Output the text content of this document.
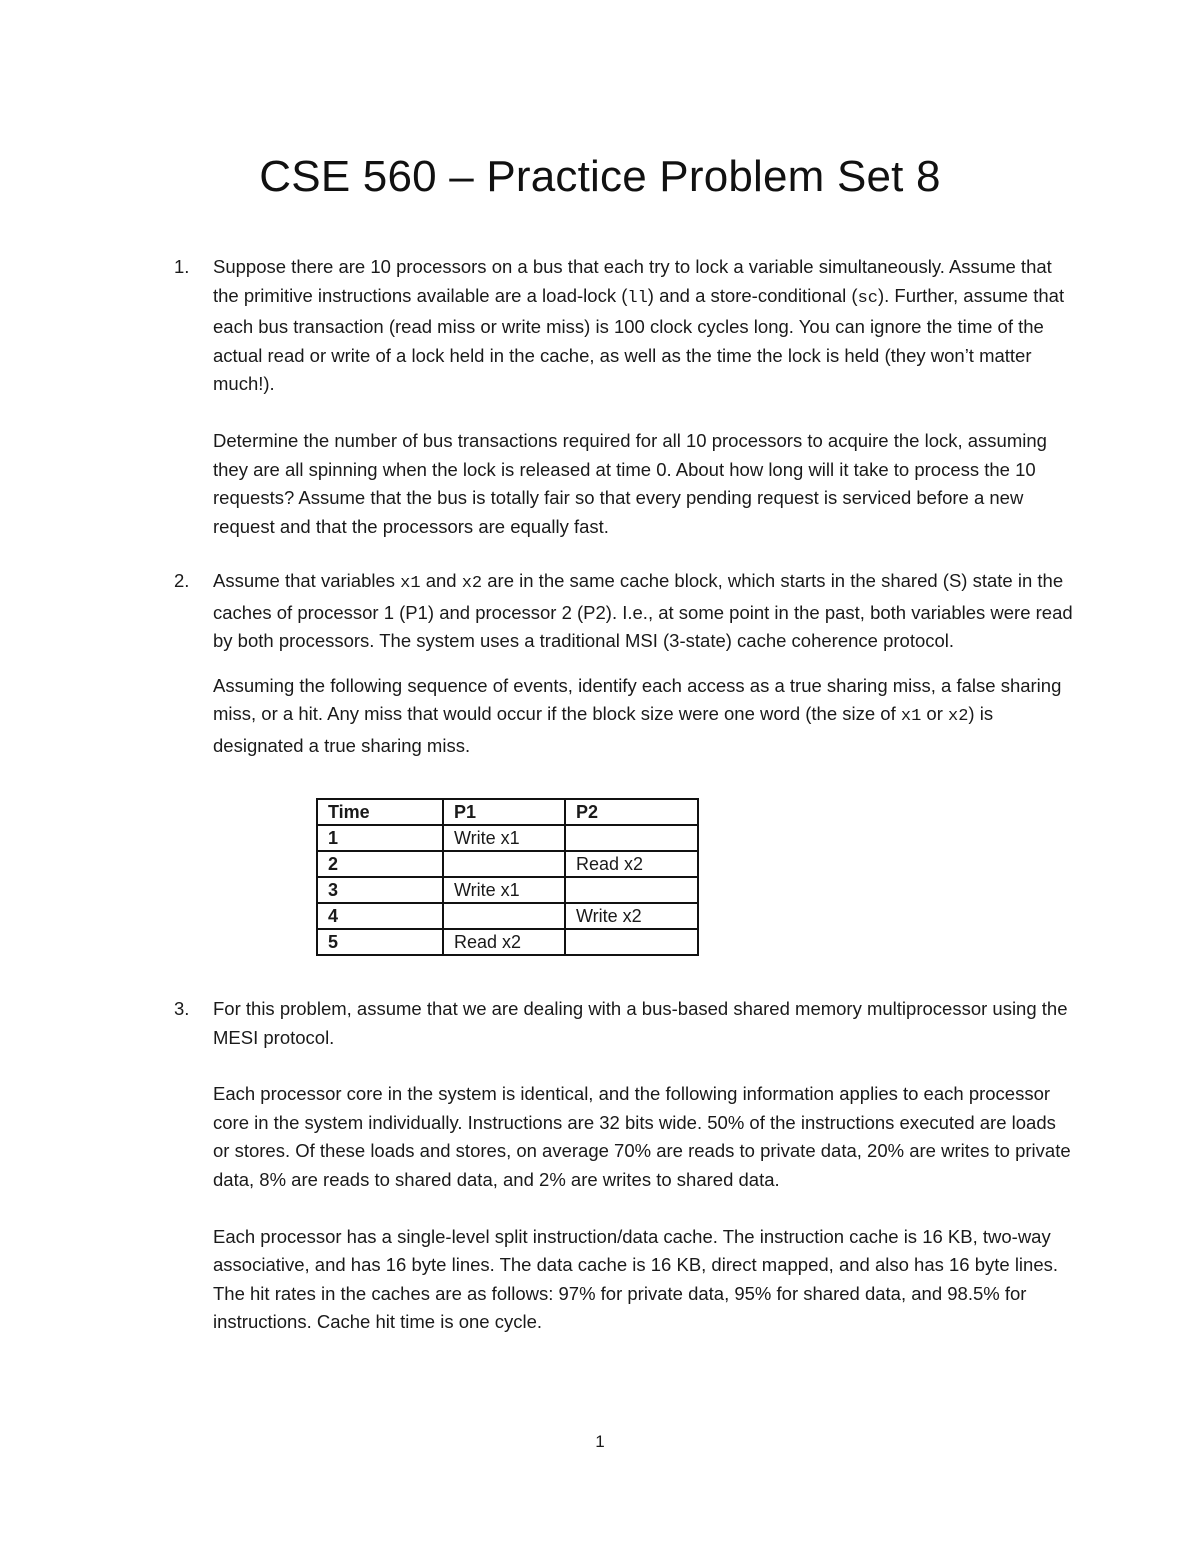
CSE 560 – Practice Problem Set 8
1. Suppose there are 10 processors on a bus that each try to lock a variable simultaneously. Assume that the primitive instructions available are a load-lock (ll) and a store-conditional (sc). Further, assume that each bus transaction (read miss or write miss) is 100 clock cycles long. You can ignore the time of the actual read or write of a lock held in the cache, as well as the time the lock is held (they won’t matter much!).

Determine the number of bus transactions required for all 10 processors to acquire the lock, assuming they are all spinning when the lock is released at time 0. About how long will it take to process the 10 requests? Assume that the bus is totally fair so that every pending request is serviced before a new request and that the processors are equally fast.

2. Assume that variables x1 and x2 are in the same cache block, which starts in the shared (S) state in the caches of processor 1 (P1) and processor 2 (P2). I.e., at some point in the past, both variables were read by both processors. The system uses a traditional MSI (3-state) cache coherence protocol.

Assuming the following sequence of events, identify each access as a true sharing miss, a false sharing miss, or a hit. Any miss that would occur if the block size were one word (the size of x1 or x2) is designated a true sharing miss.

Time	P1	P2
1	Write x1	
2		Read x2
3	Write x1	
4		Write x2
5	Read x2	
3. For this problem, assume that we are dealing with a bus-based shared memory multiprocessor using the MESI protocol.

Each processor core in the system is identical, and the following information applies to each processor core in the system individually. Instructions are 32 bits wide. 50% of the instructions executed are loads or stores. Of these loads and stores, on average 70% are reads to private data, 20% are writes to private data, 8% are reads to shared data, and 2% are writes to shared data.

Each processor has a single-level split instruction/data cache. The instruction cache is 16 KB, two-way associative, and has 16 byte lines. The data cache is 16 KB, direct mapped, and also has 16 byte lines. The hit rates in the caches are as follows: 97% for private data, 95% for shared data, and 98.5% for instructions. Cache hit time is one cycle.

1
